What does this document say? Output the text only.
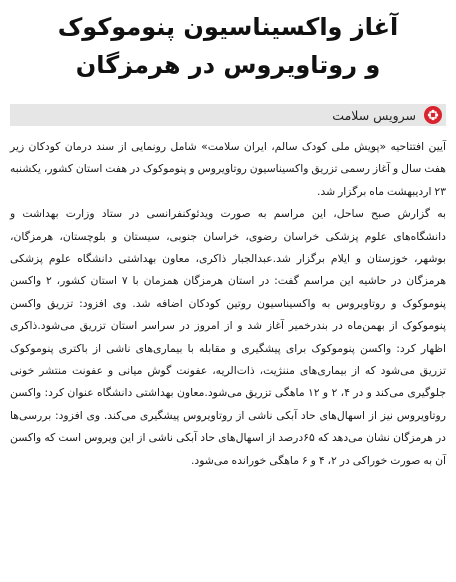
آغاز واکسیناسیون پنوموکوک
و روتاویروس در هرمزگان
سرویس سلامت

آیین افتتاحیه «پویش ملی کودک سالم، ایران سلامت» شامل رونمایی از سند درمان کودکان زیر هفت سال و آغاز رسمی تزریق واکسیناسیون روتاویروس و پنوموکوک در هفت استان کشور، یکشنبه ۲۳ اردیبهشت ماه برگزار شد.

به گزارش صبح ساحل، این مراسم به صورت ویدئوکنفرانسی در ستاد وزارت بهداشت و دانشگاه‌های علوم پزشکی خراسان رضوی، خراسان جنوبی، سیستان و بلوچستان، هرمزگان، بوشهر، خوزستان و ایلام برگزار شد.عبدالجبار ذاکری، معاون بهداشتی دانشگاه علوم پزشکی هرمزگان در حاشیه این مراسم گفت: در استان هرمزگان همزمان با ۷ استان کشور، ۲ واکسن پنوموکوک و روتاویروس به واکسیناسیون روتین کودکان اضافه شد. وی افزود: تزریق واکسن پنوموکوک از بهمن‌ماه در بندرخمیر آغاز شد و از امروز در سراسر استان تزریق می‌شود.ذاکری اظهار کرد: واکسن پنوموکوک برای پیشگیری و مقابله با بیماری‌های ناشی از باکتری پنوموکوک تزریق می‌شود که از بیماری‌های مننژیت، ذات‌الریه، عفونت گوش میانی و عفونت منتشر خونی جلوگیری می‌کند و در ۴، ۲ و ۱۲ ماهگی تزریق می‌شود.معاون بهداشتی دانشگاه عنوان کرد: واکسن روتاویروس نیز از اسهال‌های حاد آبکی ناشی از روتاویروس پیشگیری می‌کند. وی افزود: بررسی‌ها در هرمزگان نشان می‌دهد که ۶۵درصد از اسهال‌های حاد آبکی ناشی از این ویروس است که واکسن آن به صورت خوراکی در ۲، ۴ و ۶ ماهگی خورانده می‌شود.
